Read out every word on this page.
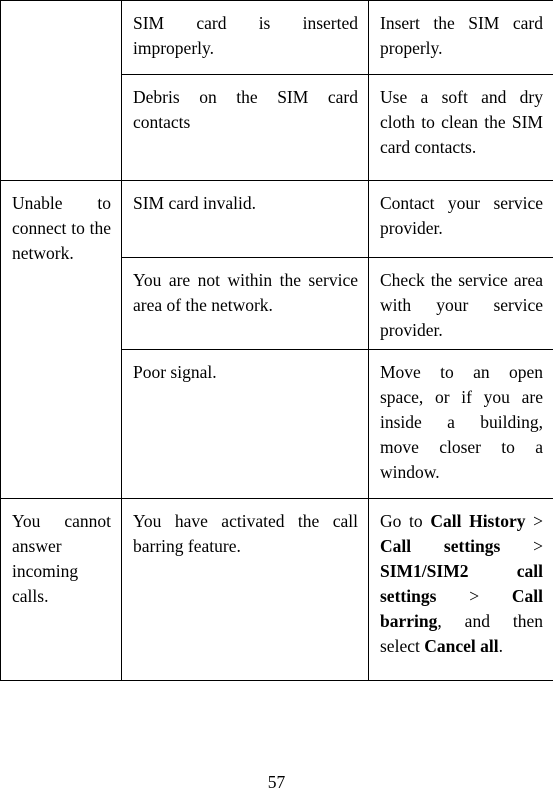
	SIM card is inserted improperly.	Insert the SIM card properly.

	Debris on the SIM card contacts	Use a soft and dry cloth to clean the SIM card contacts.

Unable to connect to the network.	SIM card invalid.	Contact your service provider.

	You are not within the service area of the network.	Check the service area with your service provider.

	Poor signal.	Move to an open space, or if you are inside a building, move closer to a window.

You cannot answer incoming calls.	You have activated the call barring feature.	Go to Call History > Call settings > SIM1/SIM2 call settings > Call barring, and then select Cancel all.
57
